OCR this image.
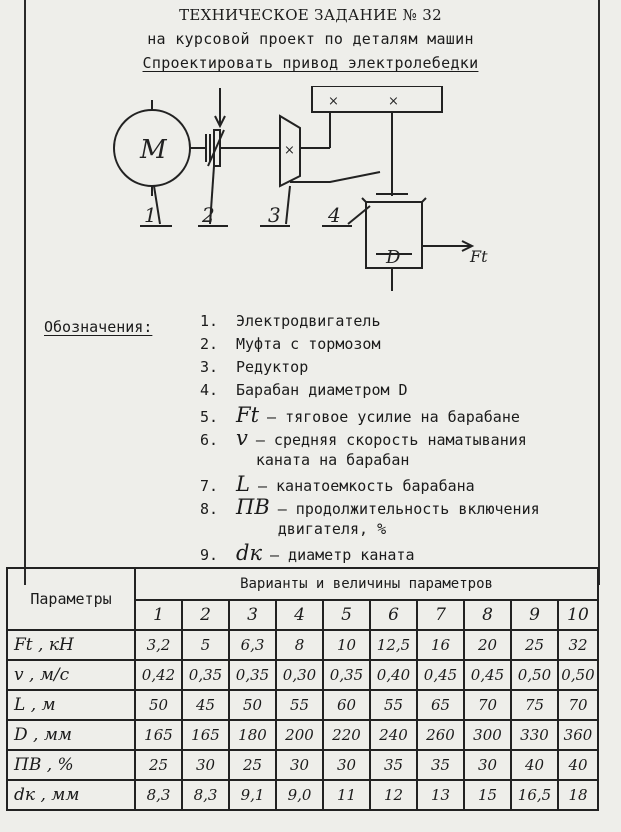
ТЕХНИЧЕСКОЕ ЗАДАНИЕ № 32
на курсовой проект по деталям машин
Спроектировать привод электролебедки
М	×
×	×
D	Ft
1 2	3 4
Обозначения:	1.	Электродвигатель
2.	Муфта с тормозом
3.	Редуктор
4.	Барабан диаметром D
5. Ft – тяговое усилие на барабане
6. v – средняя скорость наматывания
каната на барабан
7. L – канатоемкость барабана
8. ПВ – продолжительность включения
двигателя, %
9. dк – диаметр каната
Параметры	Варианты и величины параметров									
	1	2	3	4	5	6	7	8	9	10
Ft , кН	3,2	5	6,3	8	10	12,5	16	20	25	32
v , м/с	0,42	0,35	0,35	0,30	0,35	0,40	0,45	0,45	0,50	0,50
L , м	50	45	50	55	60	55	65	70	75	70
D , мм	165	165	180	200	220	240	260	300	330	360
ПВ , %	25	30	25	30	30	35	35	30	40	40
dк , мм	8,3	8,3	9,1	9,0	11	12	13	15	16,5	18
